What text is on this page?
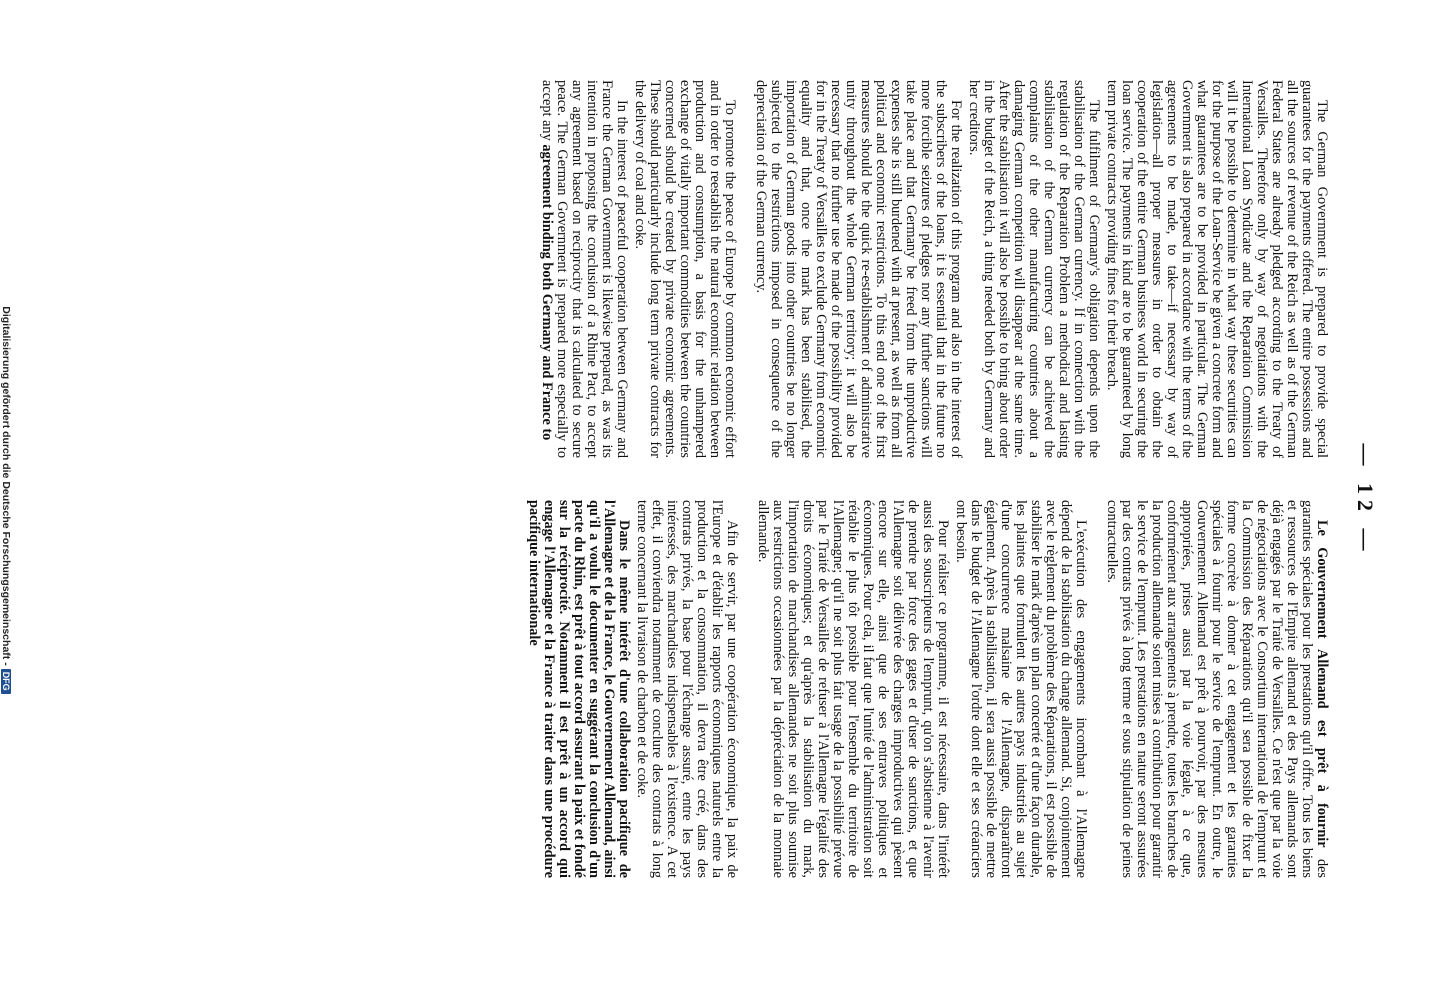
— 12 —

The German Government is prepared to provide special guarantees for the payments offered. The entire possessions and all the sources of revenue of the Reich as well as of the German Federal States are already pledged according to the Treaty of Versailles. Therefore only by way of negotiations with the International Loan Syndicate and the Reparation Commission will it be possible to determine in what way these securities can for the purpose of the Loan-Service be given a concrete form and what guarantees are to be provided in particular. The German Government is also prepared in accordance with the terms of the agreements to be made, to take—if necessary by way of legislation—all proper measures in order to obtain the cooperation of the entire German business world in securing the loan service. The payments in kind are to be guaranteed by long term private contracts providing fines for their breach.

The fulfilment of Germany's obligation depends upon the stabilisation of the German currency. If in connection with the regulation of the Reparation Problem a methodical and lasting stabilisation of the German currency can be achieved the complaints of the other manufacturing countries about a damaging German competition will disappear at the same time. After the stabilisation it will also be possible to bring about order in the budget of the Reich, a thing needed both by Germany and her creditors.

For the realization of this program and also in the interest of the subscribers of the loans, it is essential that in the future no more forcible seizures of pledges nor any further sanctions will take place and that Germany be freed from the unproductive expenses she is still burdened with at present, as well as from all political and economic restrictions. To this end one of the first measures should be the quick re-establishment of administrative unity throughout the whole German territory; it will also be necessary that no further use be made of the possibility provided for in the Treaty of Versailles to exclude Germany from economic equality and that, once the mark has been stabilised, the importation of German goods into other countries be no longer subjected to the restrictions imposed in consequence of the depreciation of the German currency.

To promote the peace of Europe by common economic effort and in order to reestablish the natural economic relation between production and consumption, a basis for the unhampered exchange of vitally important commodities between the countries concerned should be created by private economic agreements. These should particularly include long term private contracts for the delivery of coal and coke.

In the interest of peaceful cooperation between Germany and France the German Government is likewise prepared, as was its intention in proposing the conclusion of a Rhine Pact, to accept any agreement based on reciprocity that is calculated to secure peace. The German Government is prepared more especially to accept any agreement binding both Germany and France to

Le Gouvernement Allemand est prêt à fournir des garanties spéciales pour les prestations qu'il offre. Tous les biens et ressources de l'Empire allemand et des Pays allemands sont déjà engagés par le Traité de Versailles. Ce n'est que par la voie de négociations avec le Consortium international de l'emprunt et la Commission des Réparations qu'il sera possible de fixer la forme concrète à donner à cet engagement et les garanties spéciales à fournir pour le service de l'emprunt. En outre, le Gouvernement Allemand est prêt à pourvoir, par des mesures appropriées, prises aussi par la voie légale, à ce que, conformément aux arrangements à prendre, toutes les branches de la production allemande soient mises à contribution pour garantir le service de l'emprunt. Les prestations en nature seront assurées par des contrats privés à long terme et sous stipulation de peines contractuelles.

L'exécution des engagements incombant à l'Allemagne dépend de la stabilisation du change allemand. Si, conjointement avec le règlement du problème des Réparations, il est possible de stabiliser le mark d'après un plan concerté et d'une façon durable, les plaintes que formulent les autres pays industriels au sujet d'une concurrence malsaine de l'Allemagne, disparaîtront également. Après la stabilisation, il sera aussi possible de mettre dans le budget de l'Allemagne l'ordre dont elle et ses créanciers ont besoin.

Pour réaliser ce programme, il est nécessaire, dans l'intérêt aussi des souscripteurs de l'emprunt, qu'on s'abstienne à l'avenir de prendre par force des gages et d'user de sanctions, et que l'Allemagne soit délivrée des charges improductives qui pèsent encore sur elle, ainsi que de ses entraves politiques et économiques. Pour cela, il faut que l'unité de l'administration soit rétablie le plus tôt possible pour l'ensemble du territoire de l'Allemagne; qu'il ne soit plus fait usage de la possibilité prévue par le Traité de Versailles de refuser à l'Allemagne l'égalité des droits économiques; et qu'après la stabilisation du mark, l'importation de marchandises allemandes ne soit plus soumise aux restrictions occasionnées par la dépréciation de la monnaie allemande.

Afin de servir, par une coopération économique, la paix de l'Europe et d'établir les rapports économiques naturels entre la production et la consommation, il devra être créé, dans des contrats privés, la base pour l'échange assuré, entre les pays intéressés, des marchandises indispensables à l'existence. A cet effet, il conviendra notamment de conclure des contrats à long terme concernant la livraison de charbon et de coke.

Dans le même intérêt d'une collaboration pacifique de l'Allemagne et de la France, le Gouvernement Allemand, ainsi qu'il a voulu le documenter en suggérant la conclusion d'un pacte du Rhin, est prêt à tout accord assurant la paix et fondé sur la réciprocité. Notamment il est prêt à un accord qui engage l'Allemagne et la France à traiter dans une procédure pacifique internationale

Digitalisierung gefördert durch die Deutsche Forschungsgemeinschaft -DFG
